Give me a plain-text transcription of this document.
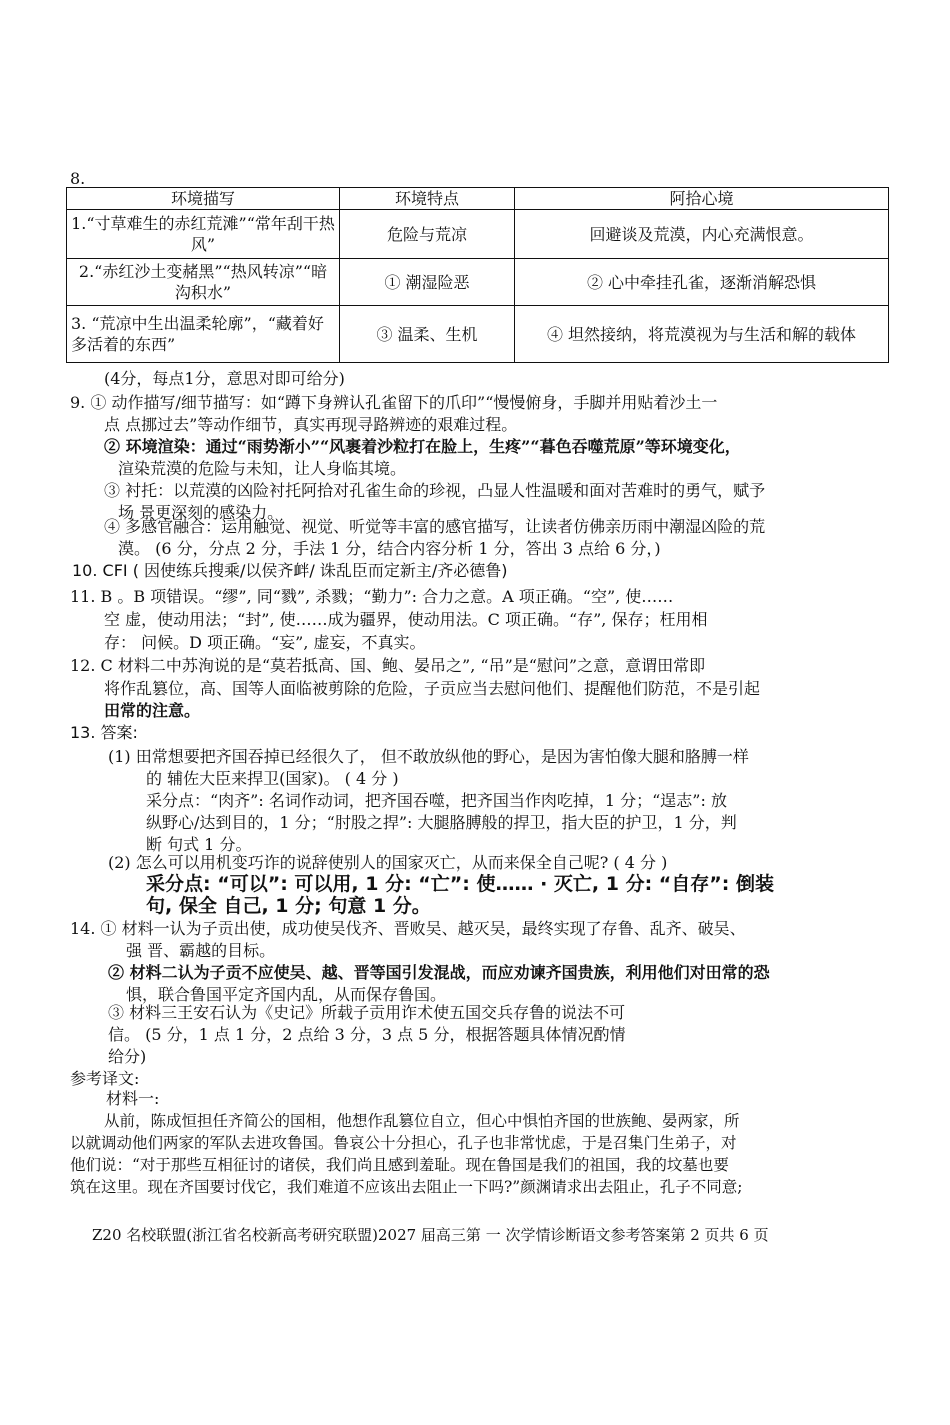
8.
环境描写	环境特点	阿拾心境
1.“寸草难生的赤红荒滩”“常年刮干热风”	危险与荒凉	回避谈及荒漠，内心充满恨意。
2.“赤红沙土变赭黑”“热风转凉”“暗沟积水”	① 潮湿险恶	② 心中牵挂孔雀，逐渐消解恐惧
3. “荒凉中生出温柔轮廓”，“藏着好多活着的东西”	③ 温柔、生机	④ 坦然接纳，将荒漠视为与生活和解的载体
(4分，每点1分，意思对即可给分)
9. ① 动作描写/细节描写：如“蹲下身辨认孔雀留下的爪印”“慢慢俯身，手脚并用贴着沙土一
点 点挪过去”等动作细节，真实再现寻路辨迹的艰难过程。
② 环境渲染：通过“雨势渐小”“风裹着沙粒打在脸上，生疼”“暮色吞噬荒原”等环境变化，
渲染荒漠的危险与未知，让人身临其境。
③ 衬托：以荒漠的凶险衬托阿拾对孔雀生命的珍视，凸显人性温暖和面对苦难时的勇气，赋予
场 景更深刻的感染力。
④ 多感官融合：运用触觉、视觉、听觉等丰富的感官描写，让读者仿佛亲历雨中潮湿凶险的荒
漠。 (6 分，分点 2 分，手法 1 分，结合内容分析 1 分，答出 3 点给 6 分，)
10. CFI ( 因使练兵搜乘/以侯齐衅/ 诛乱臣而定新主/齐必德鲁)
11. B 。B 项错误。“缪”, 同“戮”, 杀戮；“勤力”: 合力之意。A 项正确。“空”, 使……
空 虚，使动用法；“封”, 使……成为疆界，使动用法。C 项正确。“存”, 保存；枉用相
存： 问候。D 项正确。“妄”, 虚妄，不真实。
12. C 材料二中苏洵说的是“莫若抵高、国、鲍、晏吊之”, “吊”是“慰问”之意，意谓田常即
将作乱篡位，高、国等人面临被剪除的危险，子贡应当去慰问他们、提醒他们防范，不是引起
田常的注意。
13. 答案:
(1) 田常想要把齐国吞掉已经很久了， 但不敢放纵他的野心，是因为害怕像大腿和胳膊一样
的 辅佐大臣来捍卫(国家)。 ( 4 分 )
采分点：“肉齐”: 名词作动词，把齐国吞噬，把齐国当作肉吃掉，1 分；“逞志”: 放
纵野心/达到目的，1 分；“肘股之捍”: 大腿胳膊般的捍卫，指大臣的护卫，1 分，判
断 句式 1 分。
(2) 怎么可以用机变巧诈的说辞使别人的国家灭亡，从而来保全自己呢? ( 4 分 )
采分点: “可以”: 可以用, 1 分: “亡”: 使…… · 灭亡, 1 分: “自存”: 倒装
句, 保全 自己, 1 分; 句意 1 分。
14. ① 材料一认为子贡出使，成功使吴伐齐、晋败吴、越灭吴，最终实现了存鲁、乱齐、破吴、
强 晋、霸越的目标。
② 材料二认为子贡不应使吴、越、晋等国引发混战，而应劝谏齐国贵族，利用他们对田常的恐
惧，联合鲁国平定齐国内乱，从而保存鲁国。
③ 材料三王安石认为《史记》所载子贡用诈术使五国交兵存鲁的说法不可
信。 (5 分，1 点 1 分，2 点给 3 分，3 点 5 分，根据答题具体情况酌情
给分)
参考译文:
材料一:
从前，陈成恒担任齐简公的国相，他想作乱篡位自立，但心中惧怕齐国的世族鲍、晏两家，所
以就调动他们两家的军队去进攻鲁国。鲁哀公十分担心，孔子也非常忧虑，于是召集门生弟子，对
他们说：“对于那些互相征讨的诸侯，我们尚且感到羞耻。现在鲁国是我们的祖国，我的坟墓也要
筑在这里。现在齐国要讨伐它，我们难道不应该出去阻止一下吗?”颜渊请求出去阻止，孔子不同意;
Z20 名校联盟(浙江省名校新高考研究联盟)2027 届高三第 一 次学情诊断语文参考答案第 2 页共 6 页
